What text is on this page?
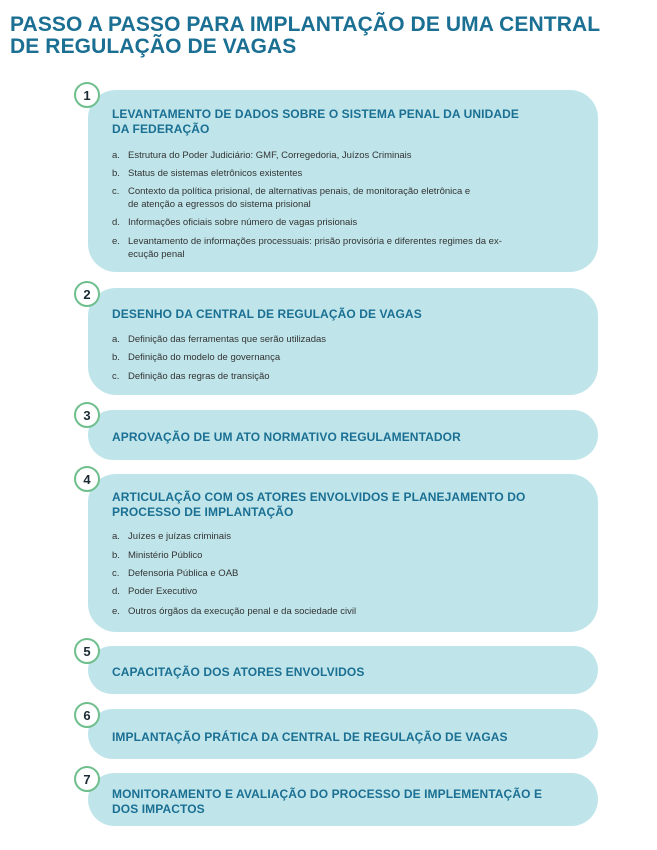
PASSO A PASSO PARA IMPLANTAÇÃO DE UMA CENTRAL
DE REGULAÇÃO DE VAGAS
1
LEVANTAMENTO DE DADOS SOBRE O SISTEMA PENAL DA UNIDADE
DA FEDERAÇÃO
a. Estrutura do Poder Judiciário: GMF, Corregedoria, Juízos Criminais
b. Status de sistemas eletrônicos existentes
c. Contexto da política prisional, de alternativas penais, de monitoração eletrônica e
de atenção a egressos do sistema prisional
d. Informações oficiais sobre número de vagas prisionais
e. Levantamento de informações processuais: prisão provisória e diferentes regimes da ex-
ecução penal
2
DESENHO DA CENTRAL DE REGULAÇÃO DE VAGAS
a. Definição das ferramentas que serão utilizadas
b. Definição do modelo de governança
c. Definição das regras de transição
3
APROVAÇÃO DE UM ATO NORMATIVO REGULAMENTADOR
4
ARTICULAÇÃO COM OS ATORES ENVOLVIDOS E PLANEJAMENTO DO
PROCESSO DE IMPLANTAÇÃO
a. Juízes e juízas criminais
b. Ministério Público
c. Defensoria Pública e OAB
d. Poder Executivo
e. Outros órgãos da execução penal e da sociedade civil
5
CAPACITAÇÃO DOS ATORES ENVOLVIDOS
6
IMPLANTAÇÃO PRÁTICA DA CENTRAL DE REGULAÇÃO DE VAGAS
7
MONITORAMENTO E AVALIAÇÃO DO PROCESSO DE IMPLEMENTAÇÃO E
DOS IMPACTOS
